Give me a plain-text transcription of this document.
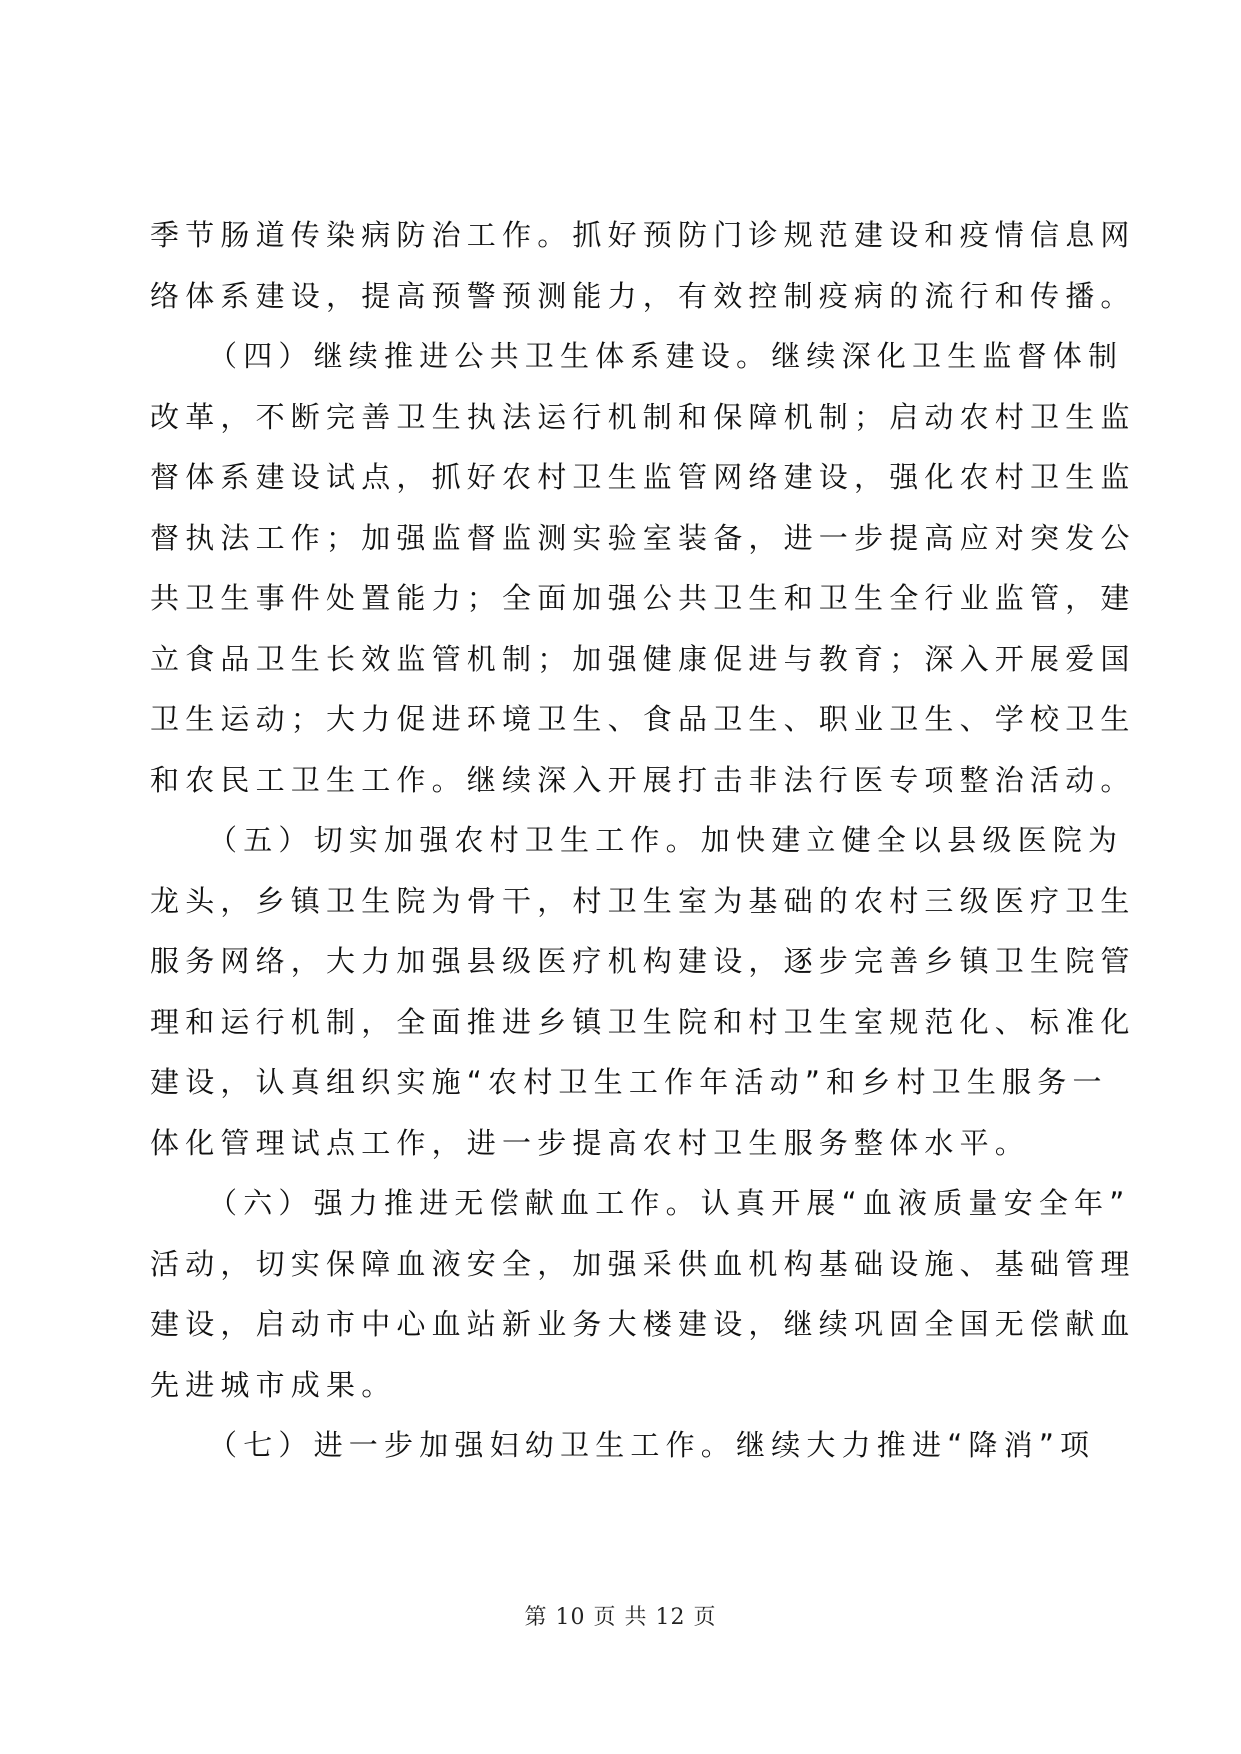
季节肠道传染病防治工作。抓好预防门诊规范建设和疫情信息网
络体系建设，提高预警预测能力，有效控制疫病的流行和传播。
（四）继续推进公共卫生体系建设。继续深化卫生监督体制
改革，不断完善卫生执法运行机制和保障机制；启动农村卫生监
督体系建设试点，抓好农村卫生监管网络建设，强化农村卫生监
督执法工作；加强监督监测实验室装备，进一步提高应对突发公
共卫生事件处置能力；全面加强公共卫生和卫生全行业监管，建
立食品卫生长效监管机制；加强健康促进与教育；深入开展爱国
卫生运动；大力促进环境卫生、食品卫生、职业卫生、学校卫生
和农民工卫生工作。继续深入开展打击非法行医专项整治活动。
（五）切实加强农村卫生工作。加快建立健全以县级医院为
龙头，乡镇卫生院为骨干，村卫生室为基础的农村三级医疗卫生
服务网络，大力加强县级医疗机构建设，逐步完善乡镇卫生院管
理和运行机制，全面推进乡镇卫生院和村卫生室规范化、标准化
建设，认真组织实施“农村卫生工作年活动”和乡村卫生服务一
体化管理试点工作，进一步提高农村卫生服务整体水平。
（六）强力推进无偿献血工作。认真开展“血液质量安全年”
活动，切实保障血液安全，加强采供血机构基础设施、基础管理
建设，启动市中心血站新业务大楼建设，继续巩固全国无偿献血
先进城市成果。
（七）进一步加强妇幼卫生工作。继续大力推进“降消”项
第 10 页 共 12 页
